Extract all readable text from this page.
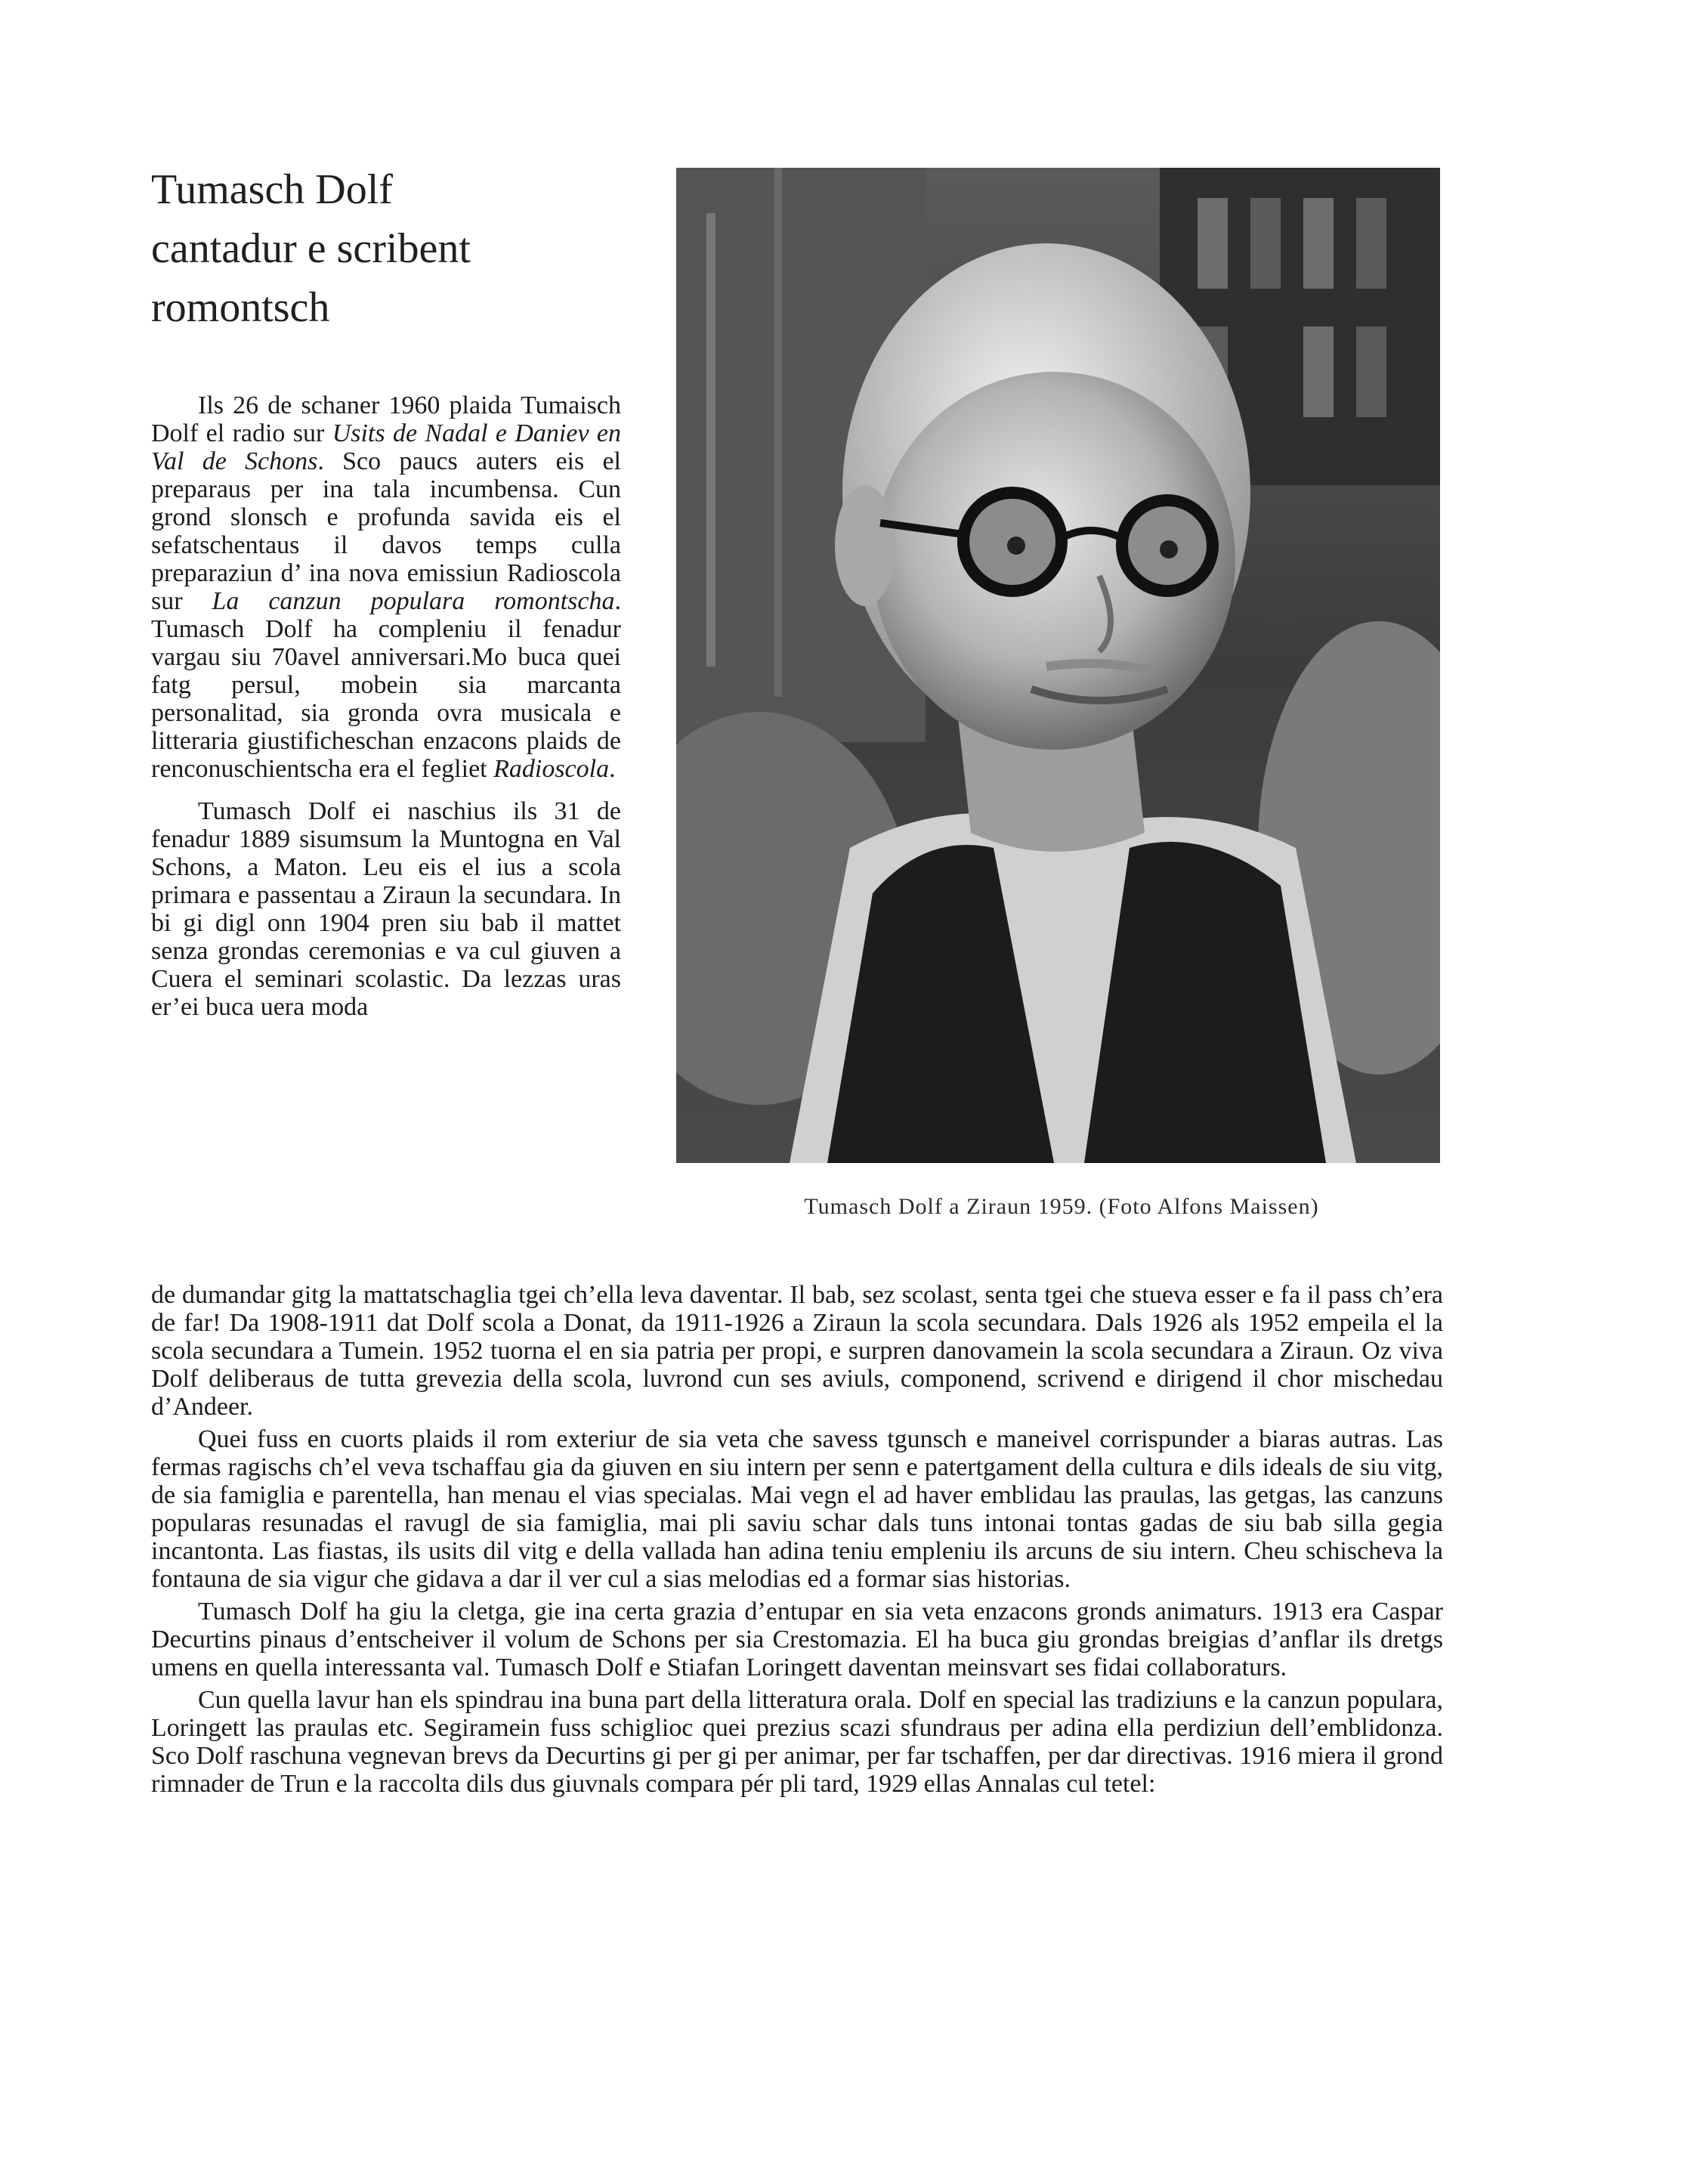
Tumasch Dolf
cantadur e scribent
romontsch

Ils 26 de schaner 1960 plaida Tumaisch Dolf el radio sur Usits de Nadal e Daniev en Val de Schons. Sco paucs auters eis el preparaus per ina tala incumbensa. Cun grond slonsch e profunda savida eis el sefatschentaus il davos temps culla preparaziun d’ ina nova emissiun Radioscola sur La canzun populara romontscha. Tumasch Dolf ha compleniu il fenadur vargau siu 70avel anniversari.Mo buca quei fatg persul, mobein sia marcanta personalitad, sia gronda ovra musicala e litteraria giustificheschan enzacons plaids de renconuschientscha era el fegliet Radioscola.

Tumasch Dolf ei naschius ils 31 de fenadur 1889 sisumsum la Muntogna en Val Schons, a Maton. Leu eis el ius a scola primara e passentau a Ziraun la secundara. In bi gi digl onn 1904 pren siu bab il mattet senza grondas ceremonias e va cul giuven a Cuera el seminari scolastic. Da lezzas uras er’ei buca uera moda

Tumasch Dolf a Ziraun 1959. (Foto Alfons Maissen)

de dumandar gitg la mattatschaglia tgei ch’ella leva daventar. Il bab, sez scolast, senta tgei che stueva esser e fa il pass ch’era de far! Da 1908-1911 dat Dolf scola a Donat, da 1911-1926 a Ziraun la scola secundara. Dals 1926 als 1952 empeila el la scola secundara a Tumein. 1952 tuorna el en sia patria per propi, e surpren danovamein la scola secundara a Ziraun. Oz viva Dolf deliberaus de tutta grevezia della scola, luvrond cun ses aviuls, componend, scrivend e dirigend il chor mischedau d’Andeer.

Quei fuss en cuorts plaids il rom exteriur de sia veta che savess tgunsch e maneivel corrispunder a biaras autras. Las fermas ragischs ch’el veva tschaffau gia da giuven en siu intern per senn e patertgament della cultura e dils ideals de siu vitg, de sia famiglia e parentella, han menau el vias specialas. Mai vegn el ad haver emblidau las praulas, las getgas, las canzuns popularas resunadas el ravugl de sia famiglia, mai pli saviu schar dals tuns intonai tontas gadas de siu bab silla gegia incantonta. Las fiastas, ils usits dil vitg e della vallada han adina teniu empleniu ils arcuns de siu intern. Cheu schischeva la fontauna de sia vigur che gidava a dar il ver cul a sias melodias ed a formar sias historias.

Tumasch Dolf ha giu la cletga, gie ina certa grazia d’entupar en sia veta enzacons gronds animaturs. 1913 era Caspar Decurtins pinaus d’entscheiver il volum de Schons per sia Crestomazia. El ha buca giu grondas breigias d’anflar ils dretgs umens en quella interessanta val. Tumasch Dolf e Stiafan Loringett daventan meinsvart ses fidai collaboraturs.

Cun quella lavur han els spindrau ina buna part della litteratura orala. Dolf en special las tradiziuns e la canzun populara, Loringett las praulas etc. Segiramein fuss schiglioc quei prezius scazi sfundraus per adina ella perdiziun dell’emblidonza. Sco Dolf raschuna vegnevan brevs da Decurtins gi per gi per animar, per far tschaffen, per dar directivas. 1916 miera il grond rimnader de Trun e la raccolta dils dus giuvnals compara pér pli tard, 1929 ellas Annalas cul tetel:
